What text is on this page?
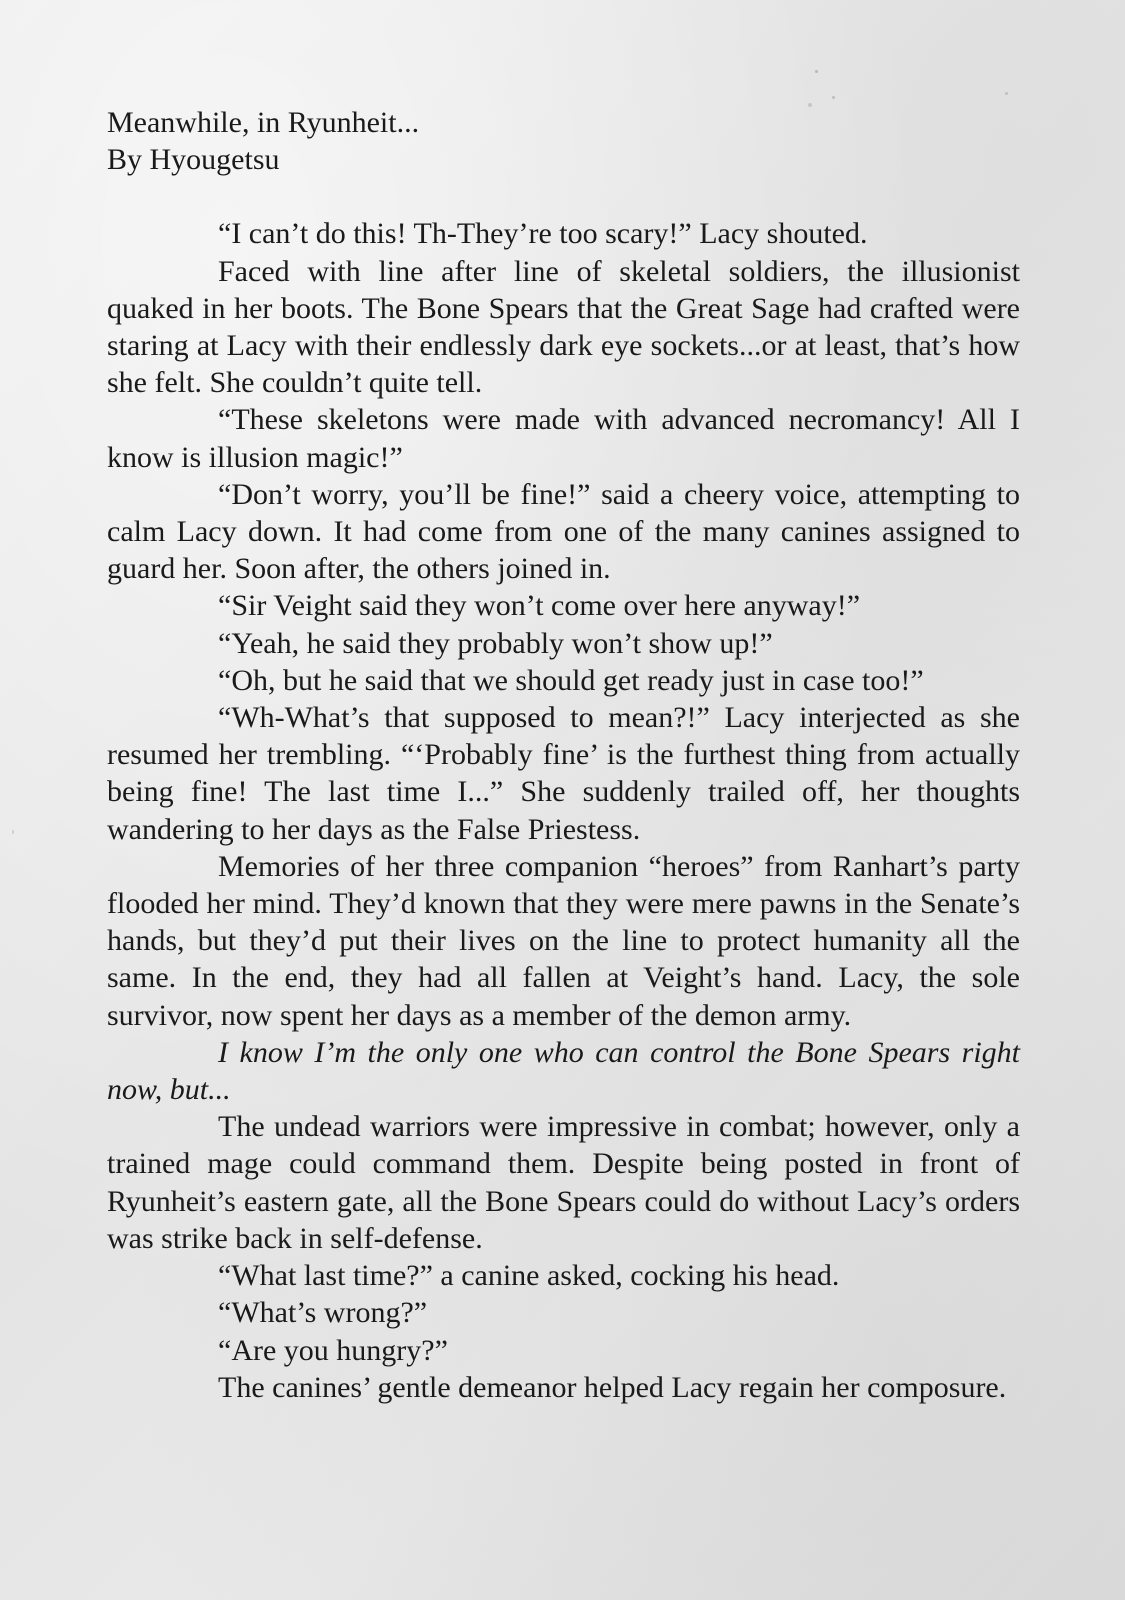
Meanwhile, in Ryunheit...

By Hyougetsu

“I can’t do this! Th-They’re too scary!” Lacy shouted.

Faced with line after line of skeletal soldiers, the illusionist quaked in her boots. The Bone Spears that the Great Sage had crafted were staring at Lacy with their endlessly dark eye sockets...or at least, that’s how she felt. She couldn’t quite tell.

“These skeletons were made with advanced necromancy! All I know is illusion magic!”

“Don’t worry, you’ll be fine!” said a cheery voice, attempting to calm Lacy down. It had come from one of the many canines assigned to guard her. Soon after, the others joined in.

“Sir Veight said they won’t come over here anyway!”

“Yeah, he said they probably won’t show up!”

“Oh, but he said that we should get ready just in case too!”

“Wh-What’s that supposed to mean?!” Lacy interjected as she resumed her trembling. “‘Probably fine’ is the furthest thing from actually being fine! The last time I...” She suddenly trailed off, her thoughts wandering to her days as the False Priestess.

Memories of her three companion “heroes” from Ranhart’s party flooded her mind. They’d known that they were mere pawns in the Senate’s hands, but they’d put their lives on the line to protect humanity all the same. In the end, they had all fallen at Veight’s hand. Lacy, the sole survivor, now spent her days as a member of the demon army.

I know I’m the only one who can control the Bone Spears right now, but...

The undead warriors were impressive in combat; however, only a trained mage could command them. Despite being posted in front of Ryunheit’s eastern gate, all the Bone Spears could do without Lacy’s orders was strike back in self-defense.

“What last time?” a canine asked, cocking his head.

“What’s wrong?”

“Are you hungry?”

The canines’ gentle demeanor helped Lacy regain her composure.
